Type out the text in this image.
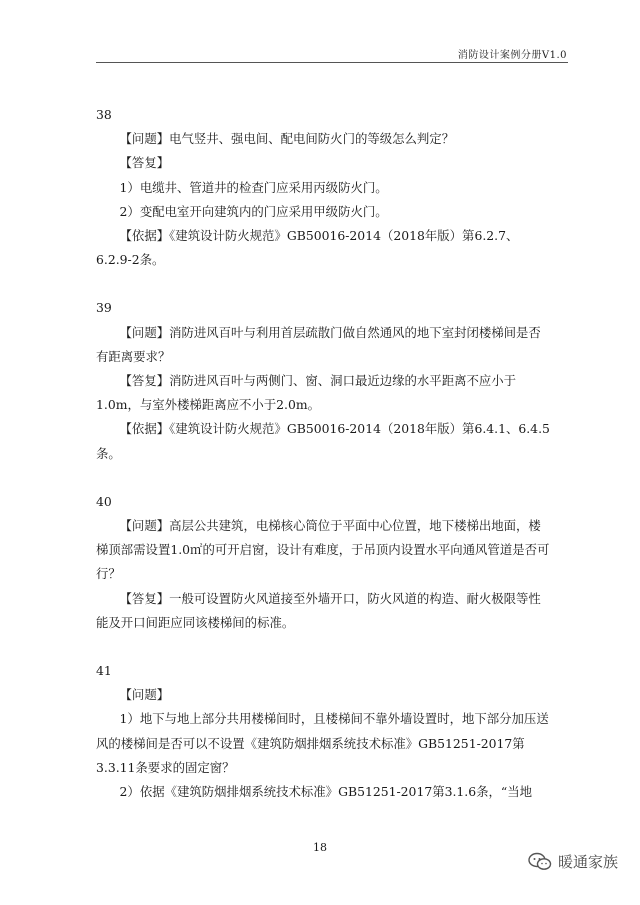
消防设计案例分册V1.0

38

【问题】电气竖井、强电间、配电间防火门的等级怎么判定？

【答复】

1）电缆井、管道井的检查门应采用丙级防火门。

2）变配电室开向建筑内的门应采用甲级防火门。

【依据】《建筑设计防火规范》GB50016-2014（2018年版）第6.2.7、6.2.9-2条。

39

【问题】消防进风百叶与利用首层疏散门做自然通风的地下室封闭楼梯间是否有距离要求？

【答复】消防进风百叶与两侧门、窗、洞口最近边缘的水平距离不应小于1.0m，与室外楼梯距离应不小于2.0m。

【依据】《建筑设计防火规范》GB50016-2014（2018年版）第6.4.1、6.4.5条。

40

【问题】高层公共建筑，电梯核心筒位于平面中心位置，地下楼梯出地面，楼梯顶部需设置1.0㎡的可开启窗，设计有难度，于吊顶内设置水平向通风管道是否可行？

【答复】一般可设置防火风道接至外墙开口，防火风道的构造、耐火极限等性能及开口间距应同该楼梯间的标准。

41

【问题】

1）地下与地上部分共用楼梯间时，且楼梯间不靠外墙设置时，地下部分加压送风的楼梯间是否可以不设置《建筑防烟排烟系统技术标准》GB51251-2017第3.3.11条要求的固定窗？

2）依据《建筑防烟排烟系统技术标准》GB51251-2017第3.1.6条，“当地

18
暖通家族
